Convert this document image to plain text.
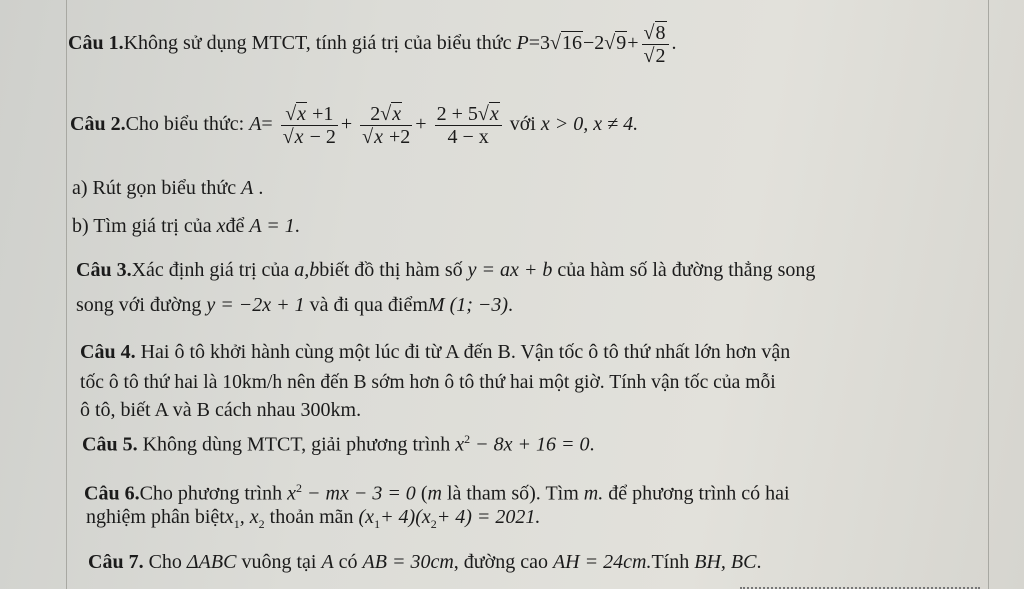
Câu 1.Không sử dụng MTCT, tính giá trị của biểu thức $P=3√16-2√9+ \frac{√8}{√2}$ .
Câu 2.Cho biểu thức: $A= \frac{√x +1}{√x - 2} + \frac{2√x}{√x +2} + \frac{2 + 5√x}{4 - x}$ với x > 0, x ≠ 4.
a) Rút gọn biểu thức A .
b) Tìm giá trị của xđể A = 1.
Câu 3.Xác định giá trị của a,bbiết đồ thị hàm số y = ax + b của hàm số là đường thẳng song
song với đường y = −2x + 1 và đi qua điểmM (1; −3).
Câu 4. Hai ô tô khởi hành cùng một lúc đi từ A đến B. Vận tốc ô tô thứ nhất lớn hơn vận
tốc ô tô thứ hai là 10km/h nên đến B sớm hơn ô tô thứ hai một giờ. Tính vận tốc của mỗi
ô tô, biết A và B cách nhau 300km.
Câu 5. Không dùng MTCT, giải phương trình $x^2 - 8x + 16 = 0$.
Câu 6.Cho phương trình $x^2$ − mx − 3 = 0 (m là tham số). Tìm m. để phương trình có hai
nghiệm phân biệtx$_1$, $x_2$ thoản mãn $(x_1+ 4)(x_2+ 4) = 2021$.
Câu 7. Cho ΔABC vuông tại A có AB = 30cm, đường cao AH = 24cm.Tính BH, BC.
